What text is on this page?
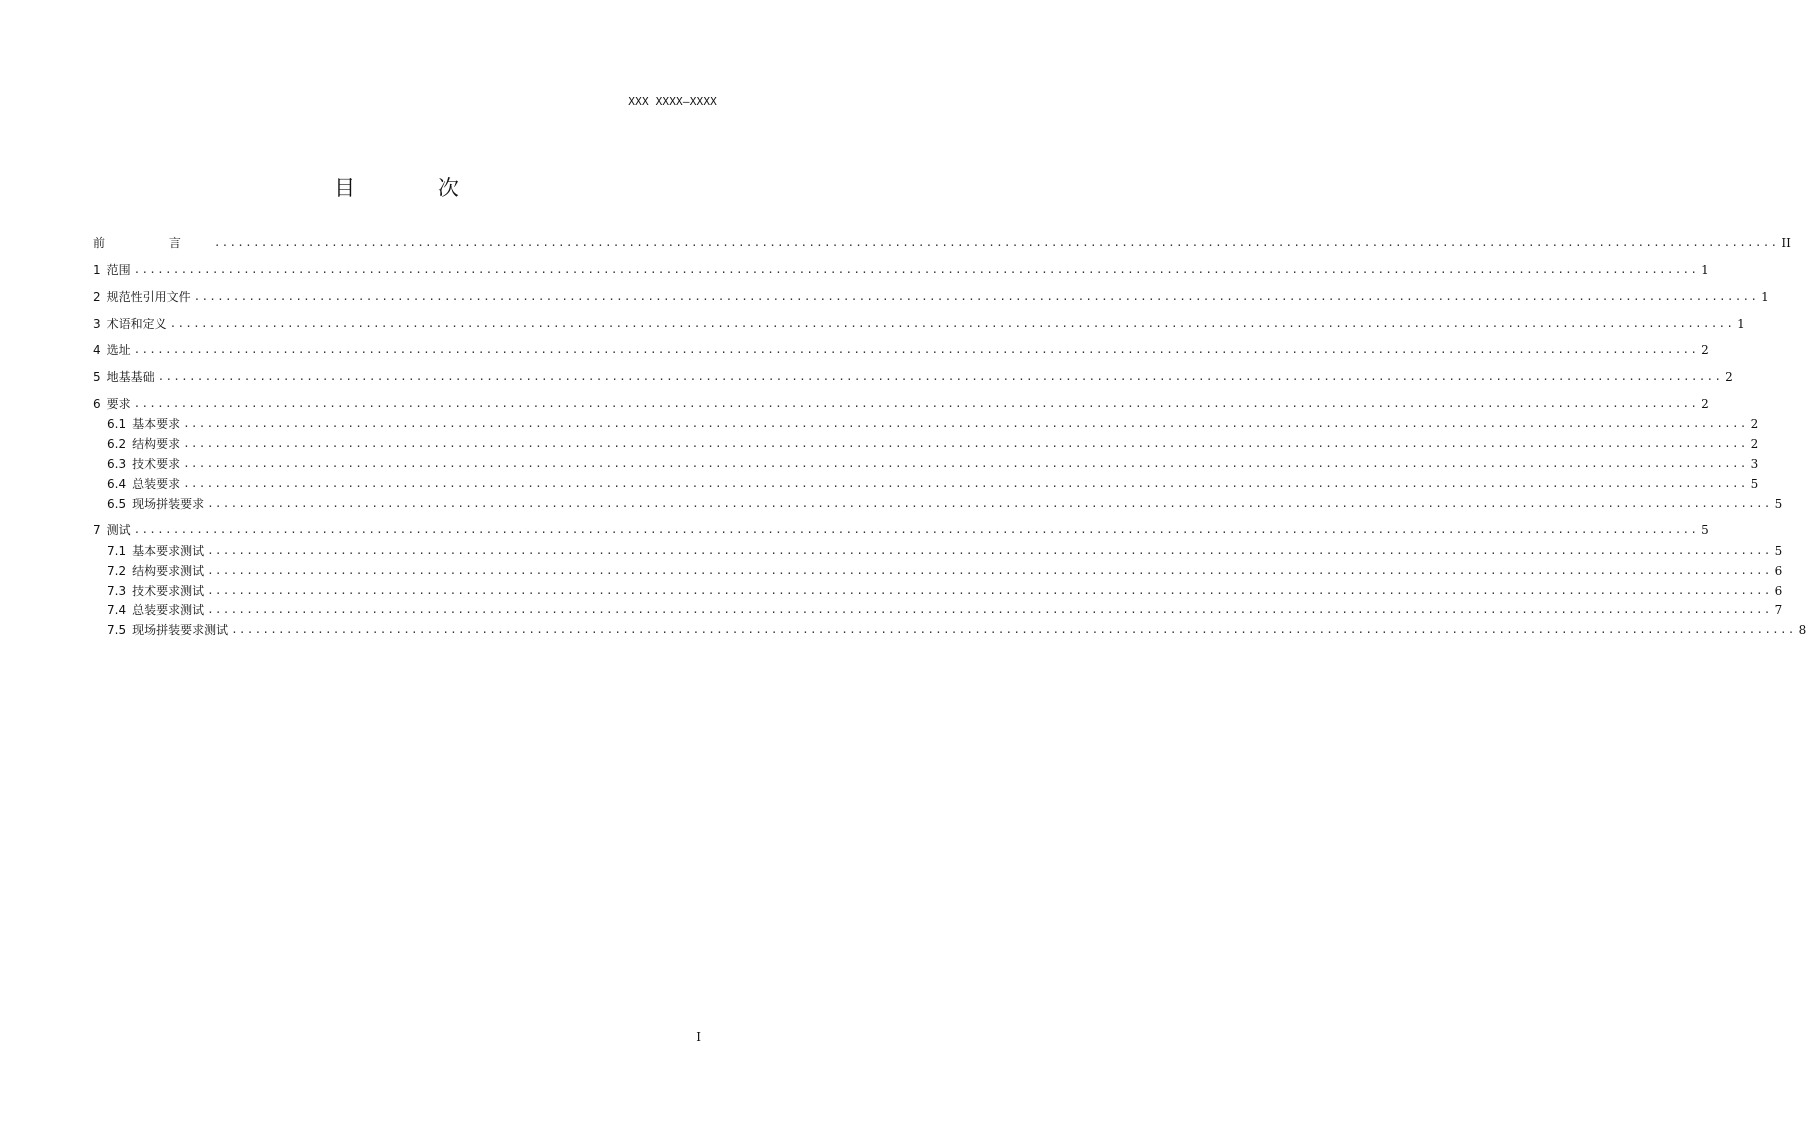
XXX XXXX—XXXX
目 次
前 言 ........................................................................................................................................................................................................ II
1 范围 ........................................................................................................................................................................................................ 1
2 规范性引用文件 ........................................................................................................................................................................................................ 1
3 术语和定义 ........................................................................................................................................................................................................ 1
4 选址 ........................................................................................................................................................................................................ 2
5 地基基础 ........................................................................................................................................................................................................ 2
6 要求 ........................................................................................................................................................................................................ 2
6.1 基本要求 ........................................................................................................................................................................................................ 2
6.2 结构要求 ........................................................................................................................................................................................................ 2
6.3 技术要求 ........................................................................................................................................................................................................ 3
6.4 总装要求 ........................................................................................................................................................................................................ 5
6.5 现场拼装要求 ........................................................................................................................................................................................................ 5
7 测试 ........................................................................................................................................................................................................ 5
7.1 基本要求测试 ........................................................................................................................................................................................................ 5
7.2 结构要求测试 ........................................................................................................................................................................................................ 6
7.3 技术要求测试 ........................................................................................................................................................................................................ 6
7.4 总装要求测试 ........................................................................................................................................................................................................ 7
7.5 现场拼装要求测试 ........................................................................................................................................................................................................ 8
I
